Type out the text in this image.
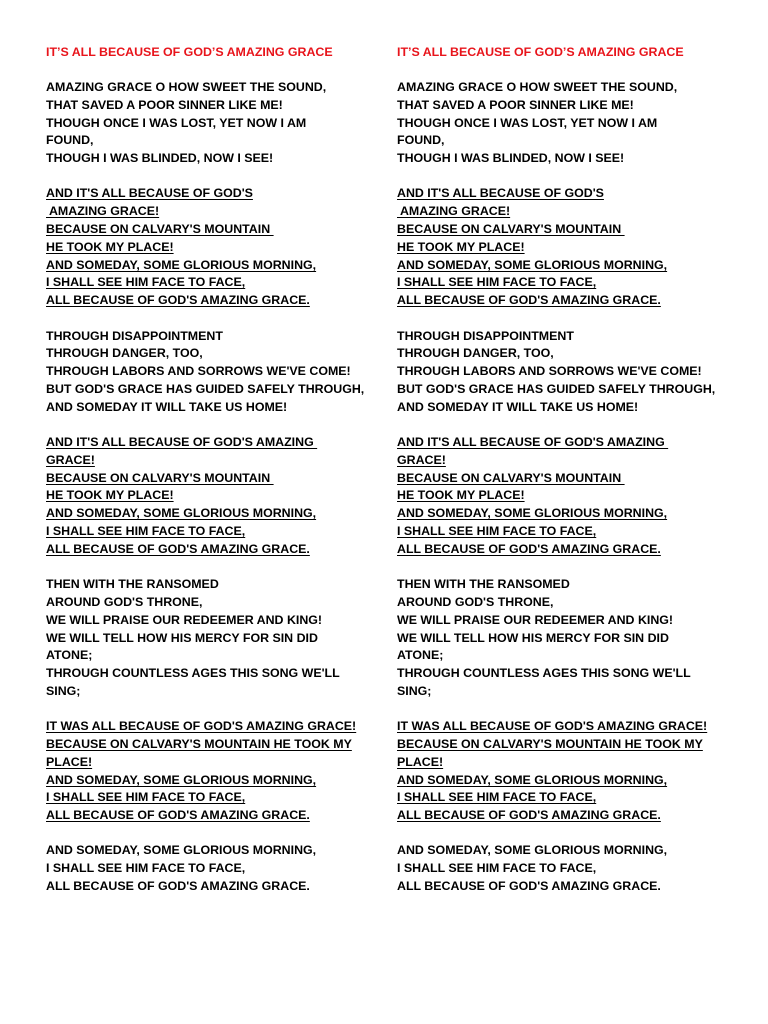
IT’S ALL BECAUSE OF GOD’S AMAZING GRACE
AMAZING GRACE O HOW SWEET THE SOUND,
THAT SAVED A POOR SINNER LIKE ME!
THOUGH ONCE I WAS LOST, YET NOW I AM
FOUND,
THOUGH I WAS BLINDED, NOW I SEE!
AND IT'S ALL BECAUSE OF GOD'S
AMAZING GRACE!
BECAUSE ON CALVARY'S MOUNTAIN
HE TOOK MY PLACE!
AND SOMEDAY, SOME GLORIOUS MORNING,
I SHALL SEE HIM FACE TO FACE,
ALL BECAUSE OF GOD'S AMAZING GRACE.
THROUGH DISAPPOINTMENT
THROUGH DANGER, TOO,
THROUGH LABORS AND SORROWS WE'VE COME!
BUT GOD'S GRACE HAS GUIDED SAFELY THROUGH,
AND SOMEDAY IT WILL TAKE US HOME!
AND IT'S ALL BECAUSE OF GOD'S AMAZING
GRACE!
BECAUSE ON CALVARY'S MOUNTAIN
HE TOOK MY PLACE!
AND SOMEDAY, SOME GLORIOUS MORNING,
I SHALL SEE HIM FACE TO FACE,
ALL BECAUSE OF GOD'S AMAZING GRACE.
THEN WITH THE RANSOMED
AROUND GOD'S THRONE,
WE WILL PRAISE OUR REDEEMER AND KING!
WE WILL TELL HOW HIS MERCY FOR SIN DID
ATONE;
THROUGH COUNTLESS AGES THIS SONG WE'LL
SING;
IT WAS ALL BECAUSE OF GOD'S AMAZING GRACE!
BECAUSE ON CALVARY'S MOUNTAIN HE TOOK MY
PLACE!
AND SOMEDAY, SOME GLORIOUS MORNING,
I SHALL SEE HIM FACE TO FACE,
ALL BECAUSE OF GOD'S AMAZING GRACE.
AND SOMEDAY, SOME GLORIOUS MORNING,
I SHALL SEE HIM FACE TO FACE,
ALL BECAUSE OF GOD'S AMAZING GRACE.
IT’S ALL BECAUSE OF GOD’S AMAZING GRACE
AMAZING GRACE O HOW SWEET THE SOUND,
THAT SAVED A POOR SINNER LIKE ME!
THOUGH ONCE I WAS LOST, YET NOW I AM
FOUND,
THOUGH I WAS BLINDED, NOW I SEE!
AND IT'S ALL BECAUSE OF GOD'S
AMAZING GRACE!
BECAUSE ON CALVARY'S MOUNTAIN
HE TOOK MY PLACE!
AND SOMEDAY, SOME GLORIOUS MORNING,
I SHALL SEE HIM FACE TO FACE,
ALL BECAUSE OF GOD'S AMAZING GRACE.
THROUGH DISAPPOINTMENT
THROUGH DANGER, TOO,
THROUGH LABORS AND SORROWS WE'VE COME!
BUT GOD'S GRACE HAS GUIDED SAFELY THROUGH,
AND SOMEDAY IT WILL TAKE US HOME!
AND IT'S ALL BECAUSE OF GOD'S AMAZING
GRACE!
BECAUSE ON CALVARY'S MOUNTAIN
HE TOOK MY PLACE!
AND SOMEDAY, SOME GLORIOUS MORNING,
I SHALL SEE HIM FACE TO FACE,
ALL BECAUSE OF GOD'S AMAZING GRACE.
THEN WITH THE RANSOMED
AROUND GOD'S THRONE,
WE WILL PRAISE OUR REDEEMER AND KING!
WE WILL TELL HOW HIS MERCY FOR SIN DID
ATONE;
THROUGH COUNTLESS AGES THIS SONG WE'LL
SING;
IT WAS ALL BECAUSE OF GOD'S AMAZING GRACE!
BECAUSE ON CALVARY'S MOUNTAIN HE TOOK MY
PLACE!
AND SOMEDAY, SOME GLORIOUS MORNING,
I SHALL SEE HIM FACE TO FACE,
ALL BECAUSE OF GOD'S AMAZING GRACE.
AND SOMEDAY, SOME GLORIOUS MORNING,
I SHALL SEE HIM FACE TO FACE,
ALL BECAUSE OF GOD'S AMAZING GRACE.
